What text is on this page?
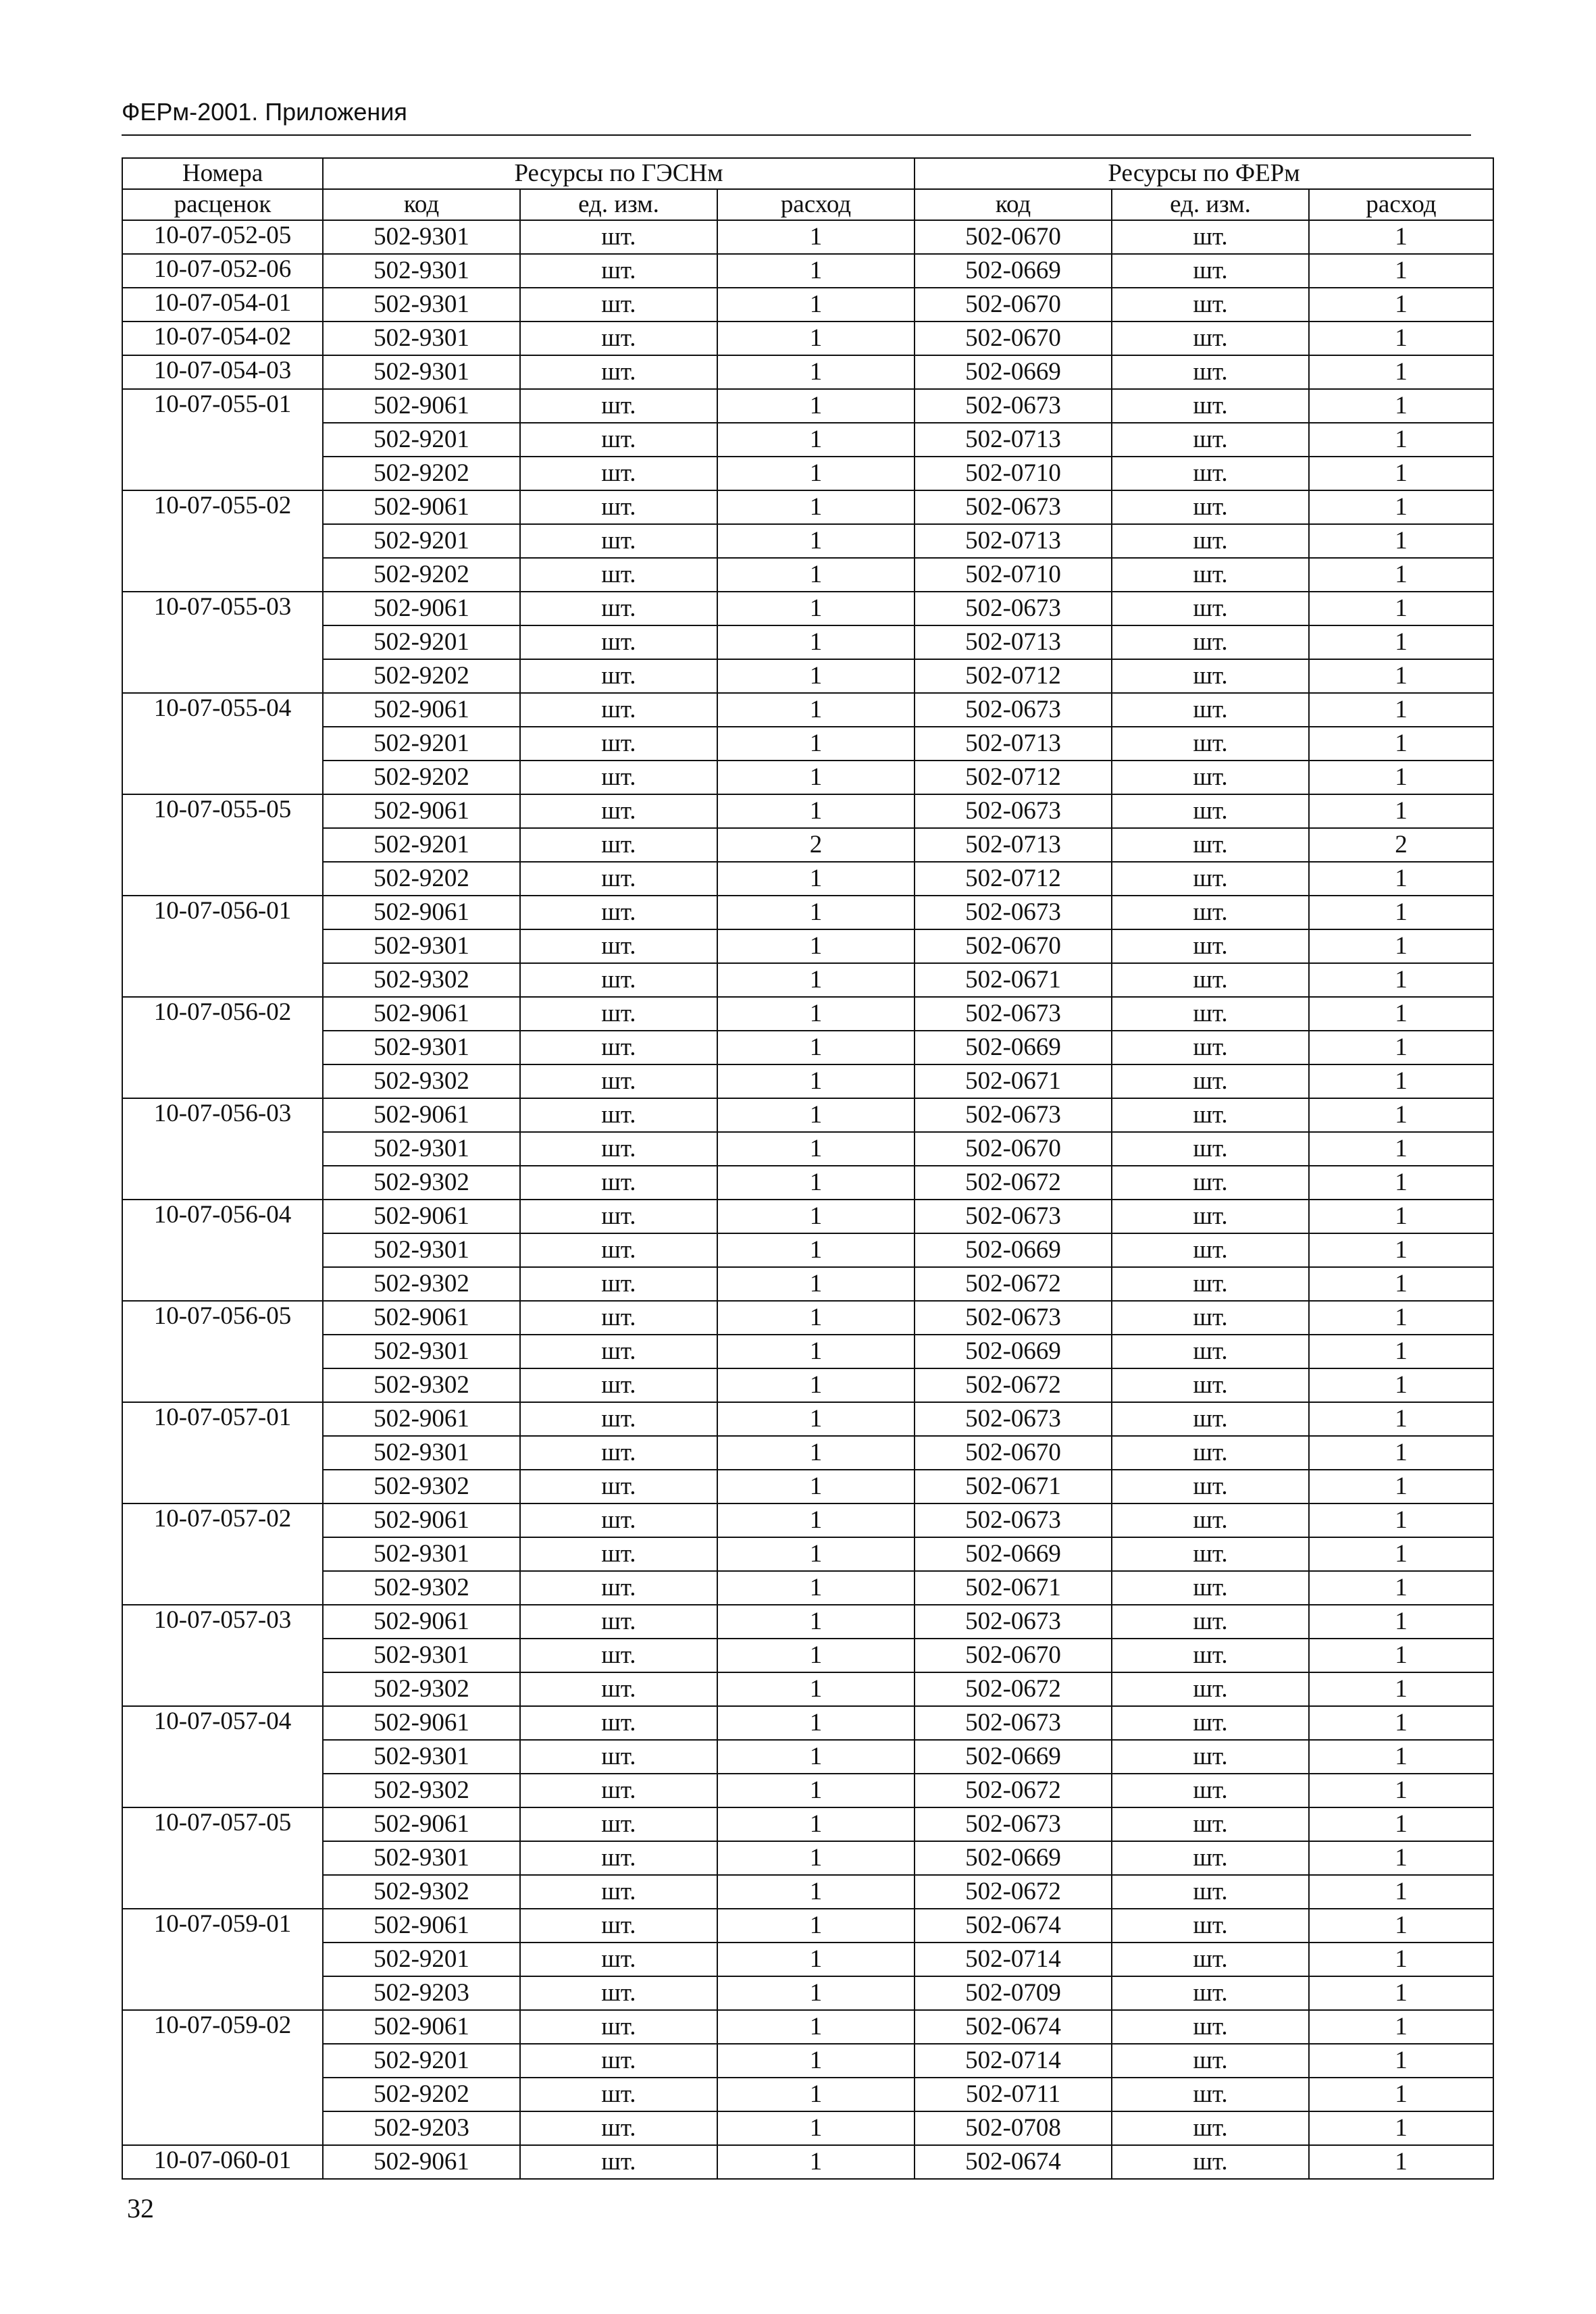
ФЕРм-2001. Приложения
Номера	Ресурсы по ГЭСНм			Ресурсы по ФЕРм		
расценок	код	ед. изм.	расход	код	ед. изм.	расход
10-07-052-05	502-9301	шт.	1	502-0670	шт.	1
10-07-052-06	502-9301	шт.	1	502-0669	шт.	1
10-07-054-01	502-9301	шт.	1	502-0670	шт.	1
10-07-054-02	502-9301	шт.	1	502-0670	шт.	1
10-07-054-03	502-9301	шт.	1	502-0669	шт.	1
10-07-055-01	502-9061	шт.	1	502-0673	шт.	1
	502-9201	шт.	1	502-0713	шт.	1
	502-9202	шт.	1	502-0710	шт.	1
10-07-055-02	502-9061	шт.	1	502-0673	шт.	1
	502-9201	шт.	1	502-0713	шт.	1
	502-9202	шт.	1	502-0710	шт.	1
10-07-055-03	502-9061	шт.	1	502-0673	шт.	1
	502-9201	шт.	1	502-0713	шт.	1
	502-9202	шт.	1	502-0712	шт.	1
10-07-055-04	502-9061	шт.	1	502-0673	шт.	1
	502-9201	шт.	1	502-0713	шт.	1
	502-9202	шт.	1	502-0712	шт.	1
10-07-055-05	502-9061	шт.	1	502-0673	шт.	1
	502-9201	шт.	2	502-0713	шт.	2
	502-9202	шт.	1	502-0712	шт.	1
10-07-056-01	502-9061	шт.	1	502-0673	шт.	1
	502-9301	шт.	1	502-0670	шт.	1
	502-9302	шт.	1	502-0671	шт.	1
10-07-056-02	502-9061	шт.	1	502-0673	шт.	1
	502-9301	шт.	1	502-0669	шт.	1
	502-9302	шт.	1	502-0671	шт.	1
10-07-056-03	502-9061	шт.	1	502-0673	шт.	1
	502-9301	шт.	1	502-0670	шт.	1
	502-9302	шт.	1	502-0672	шт.	1
10-07-056-04	502-9061	шт.	1	502-0673	шт.	1
	502-9301	шт.	1	502-0669	шт.	1
	502-9302	шт.	1	502-0672	шт.	1
10-07-056-05	502-9061	шт.	1	502-0673	шт.	1
	502-9301	шт.	1	502-0669	шт.	1
	502-9302	шт.	1	502-0672	шт.	1
10-07-057-01	502-9061	шт.	1	502-0673	шт.	1
	502-9301	шт.	1	502-0670	шт.	1
	502-9302	шт.	1	502-0671	шт.	1
10-07-057-02	502-9061	шт.	1	502-0673	шт.	1
	502-9301	шт.	1	502-0669	шт.	1
	502-9302	шт.	1	502-0671	шт.	1
10-07-057-03	502-9061	шт.	1	502-0673	шт.	1
	502-9301	шт.	1	502-0670	шт.	1
	502-9302	шт.	1	502-0672	шт.	1
10-07-057-04	502-9061	шт.	1	502-0673	шт.	1
	502-9301	шт.	1	502-0669	шт.	1
	502-9302	шт.	1	502-0672	шт.	1
10-07-057-05	502-9061	шт.	1	502-0673	шт.	1
	502-9301	шт.	1	502-0669	шт.	1
	502-9302	шт.	1	502-0672	шт.	1
10-07-059-01	502-9061	шт.	1	502-0674	шт.	1
	502-9201	шт.	1	502-0714	шт.	1
	502-9203	шт.	1	502-0709	шт.	1
10-07-059-02	502-9061	шт.	1	502-0674	шт.	1
	502-9201	шт.	1	502-0714	шт.	1
	502-9202	шт.	1	502-0711	шт.	1
	502-9203	шт.	1	502-0708	шт.	1
10-07-060-01	502-9061	шт.	1	502-0674	шт.	1
32
